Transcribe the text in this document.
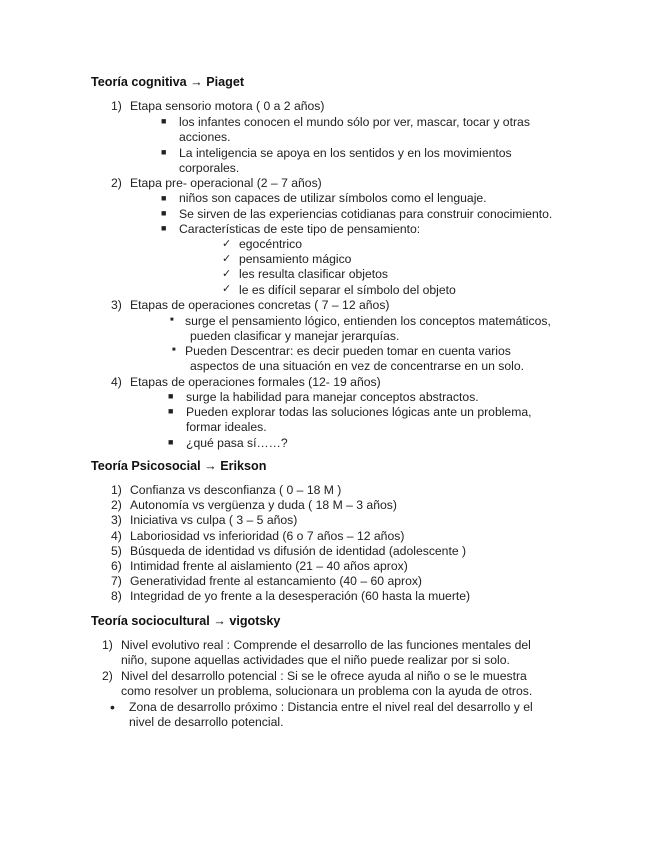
Teoría cognitiva → Piaget
1) Etapa sensorio motora ( 0 a 2 años)
■ los infantes conocen el mundo sólo por ver, mascar, tocar y otras
acciones.
■ La inteligencia se apoya en los sentidos y en los movimientos
corporales.
2) Etapa pre- operacional (2 – 7 años)
■ niños son capaces de utilizar símbolos como el lenguaje.
■ Se sirven de las experiencias cotidianas para construir conocimiento.
■ Características de este tipo de pensamiento:
✓ egocéntrico
✓ pensamiento mágico
✓ les resulta clasificar objetos
✓ le es difícil separar el símbolo del objeto
3) Etapas de operaciones concretas ( 7 – 12 años)
■ surge el pensamiento lógico, entienden los conceptos matemáticos,
pueden clasificar y manejar jerarquías.
■ Pueden Descentrar: es decir pueden tomar en cuenta varios
aspectos de una situación en vez de concentrarse en un solo.
4) Etapas de operaciones formales (12- 19 años)
■ surge la habilidad para manejar conceptos abstractos.
■ Pueden explorar todas las soluciones lógicas ante un problema,
formar ideales.
■ ¿qué pasa sí……?
Teoría Psicosocial → Erikson
1) Confianza vs desconfianza ( 0 – 18 M )
2) Autonomía vs vergüenza y duda ( 18 M – 3 años)
3) Iniciativa vs culpa ( 3 – 5 años)
4) Laboriosidad vs inferioridad (6 o 7 años – 12 años)
5) Búsqueda de identidad vs difusión de identidad (adolescente )
6) Intimidad frente al aislamiento (21 – 40 años aprox)
7) Generatividad frente al estancamiento (40 – 60 aprox)
8) Integridad de yo frente a la desesperación (60 hasta la muerte)
Teoría sociocultural → vigotsky
1) Nivel evolutivo real : Comprende el desarrollo de las funciones mentales del
niño, supone aquellas actividades que el niño puede realizar por si solo.
2) Nivel del desarrollo potencial : Si se le ofrece ayuda al niño o se le muestra
como resolver un problema, solucionara un problema con la ayuda de otros.
• Zona de desarrollo próximo : Distancia entre el nivel real del desarrollo y el
nivel de desarrollo potencial.
